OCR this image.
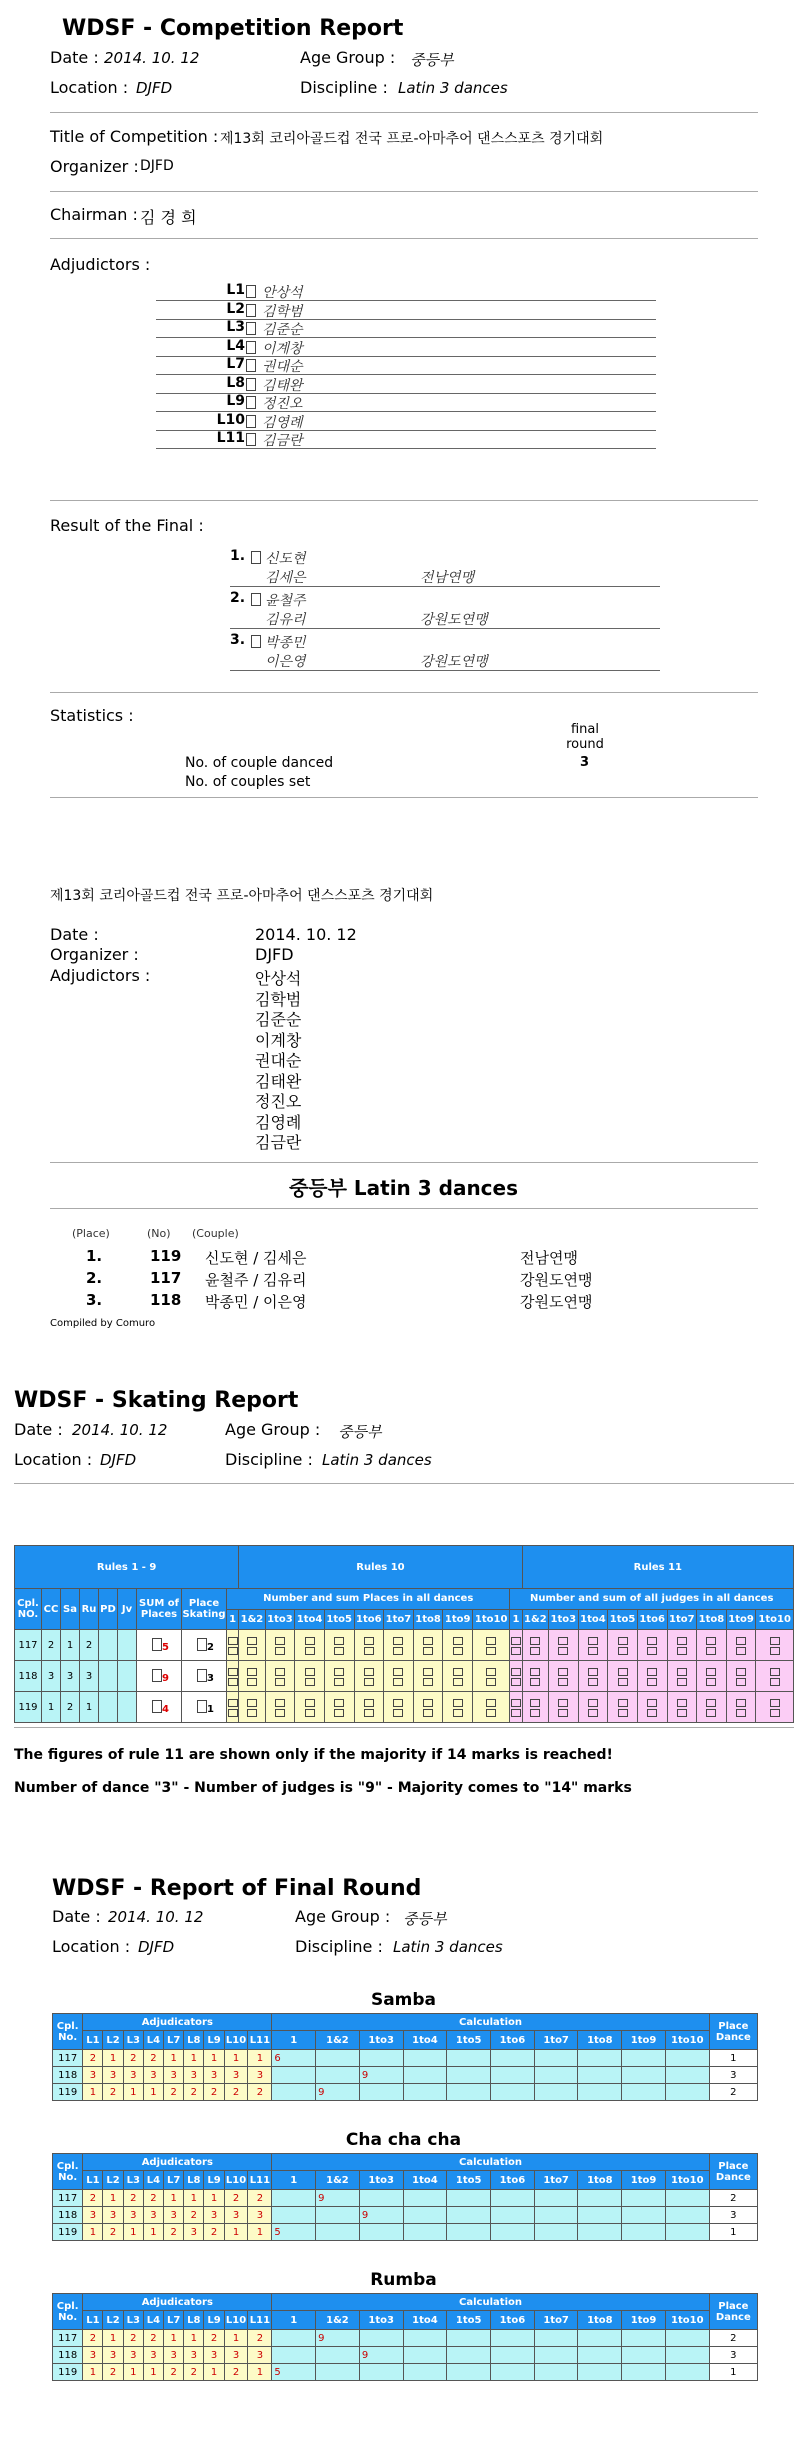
WDSF - Competition Report
Date : 2014. 10. 12	Age Group : 중등부
Location : DJFD	Discipline : Latin 3 dances
Title of Competition : 제13회 코리아골드컵 전국 프로-아마추어 댄스스포츠 경기대회
Organizer : DJFD
Chairman : 김 경 희
Adjudictors :
L1 안상석
L2 김학범
L3 김준순
L4 이계창
L7 권대순
L8 김태완
L9 정진오
L10 김영례
L11 김금란
Result of the Final :
1. 신도현
김세은	전남연맹
2. 윤철주
김유리	강원도연맹
3. 박종민
이은영	강원도연맹
Statistics :
final round
3
No. of couple danced
No. of couples set
제13회 코리아골드컵 전국 프로-아마추어 댄스스포츠 경기대회
Date :	2014. 10. 12
Organizer :	DJFD
Adjudictors :	안상석
김학범
김준순
이계창
권대순
김태완
정진오
김영례
김금란
중등부 Latin 3 dances
(Place)	(No) (Couple)
1.	119 신도현 / 김세은	전남연맹
2.	117 윤철주 / 김유리	강원도연맹
3.	118 박종민 / 이은영	강원도연맹
Compiled by Comuro
WDSF - Skating Report
Date : 2014. 10. 12	Age Group : 중등부
Location : DJFD	Discipline : Latin 3 dances
Rules 1 - 9									Rules 10										Rules 11								
Cpl. NO.	CC	Sa	Ru	PD	Jv	SUM of Places	Place Skating	Number and sum Places in all dances										Number and sum of all judges in all dances									
								1	1&2	1to3	1to4	1to5	1to6	1to7	1to8	1to9	1to10	1	1&2	1to3	1to4	1to5	1to6	1to7	1to8	1to9	1to10
117	2	1	2			5	2	

118	3	3	3			9	3	

119	1	2	1			4	1	

The figures of rule 11 are shown only if the majority if 14 marks is reached!
Number of dance "3" - Number of judges is "9" - Majority comes to "14" marks
WDSF - Report of Final Round
Date : 2014. 10. 12	Age Group : 중등부
Location : DJFD	Discipline : Latin 3 dances
Samba
Cpl. No.	Adjudicators									Calculation										Place Dance
	L1	L2	L3	L4	L7	L8	L9	L10	L11	1	1&2	1to3	1to4	1to5	1to6	1to7	1to8	1to9	1to10	
117	2	1	2	2	1	1	1	1	1	6										1
118	3	3	3	3	3	3	3	3	3			9								3
119	1	2	1	1	2	2	2	2	2		9									2
Cha cha cha
Cpl. No.	Adjudicators									Calculation										Place Dance
	L1	L2	L3	L4	L7	L8	L9	L10	L11	1	1&2	1to3	1to4	1to5	1to6	1to7	1to8	1to9	1to10	
117	2	1	2	2	1	1	1	2	2		9									2
118	3	3	3	3	3	2	3	3	3			9								3
119	1	2	1	1	2	3	2	1	1	5										1
Rumba
Cpl. No.	Adjudicators									Calculation										Place Dance
	L1	L2	L3	L4	L7	L8	L9	L10	L11	1	1&2	1to3	1to4	1to5	1to6	1to7	1to8	1to9	1to10	
117	2	1	2	2	1	1	2	1	2		9									2
118	3	3	3	3	3	3	3	3	3			9								3
119	1	2	1	1	2	2	1	2	1	5										1
